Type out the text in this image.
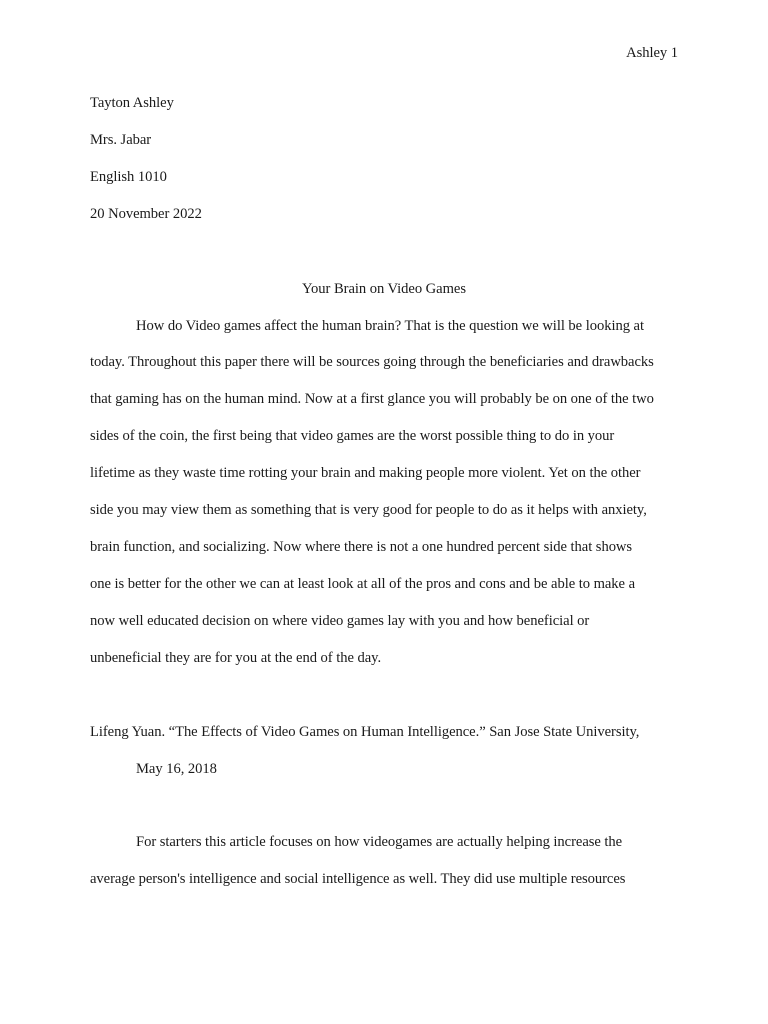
Ashley 1
Tayton Ashley
Mrs. Jabar
English 1010
20 November 2022
Your Brain on Video Games
How do Video games affect the human brain? That is the question we will be looking at
today. Throughout this paper there will be sources going through the beneficiaries and drawbacks
that gaming has on the human mind. Now at a first glance you will probably be on one of the two
sides of the coin, the first being that video games are the worst possible thing to do in your
lifetime as they waste time rotting your brain and making people more violent. Yet on the other
side you may view them as something that is very good for people to do as it helps with anxiety,
brain function, and socializing. Now where there is not a one hundred percent side that shows
one is better for the other we can at least look at all of the pros and cons and be able to make a
now well educated decision on where video games lay with you and how beneficial or
unbeneficial they are for you at the end of the day.
Lifeng Yuan. “The Effects of Video Games on Human Intelligence.” San Jose State University,
May 16, 2018
For starters this article focuses on how videogames are actually helping increase the
average person's intelligence and social intelligence as well. They did use multiple resources
